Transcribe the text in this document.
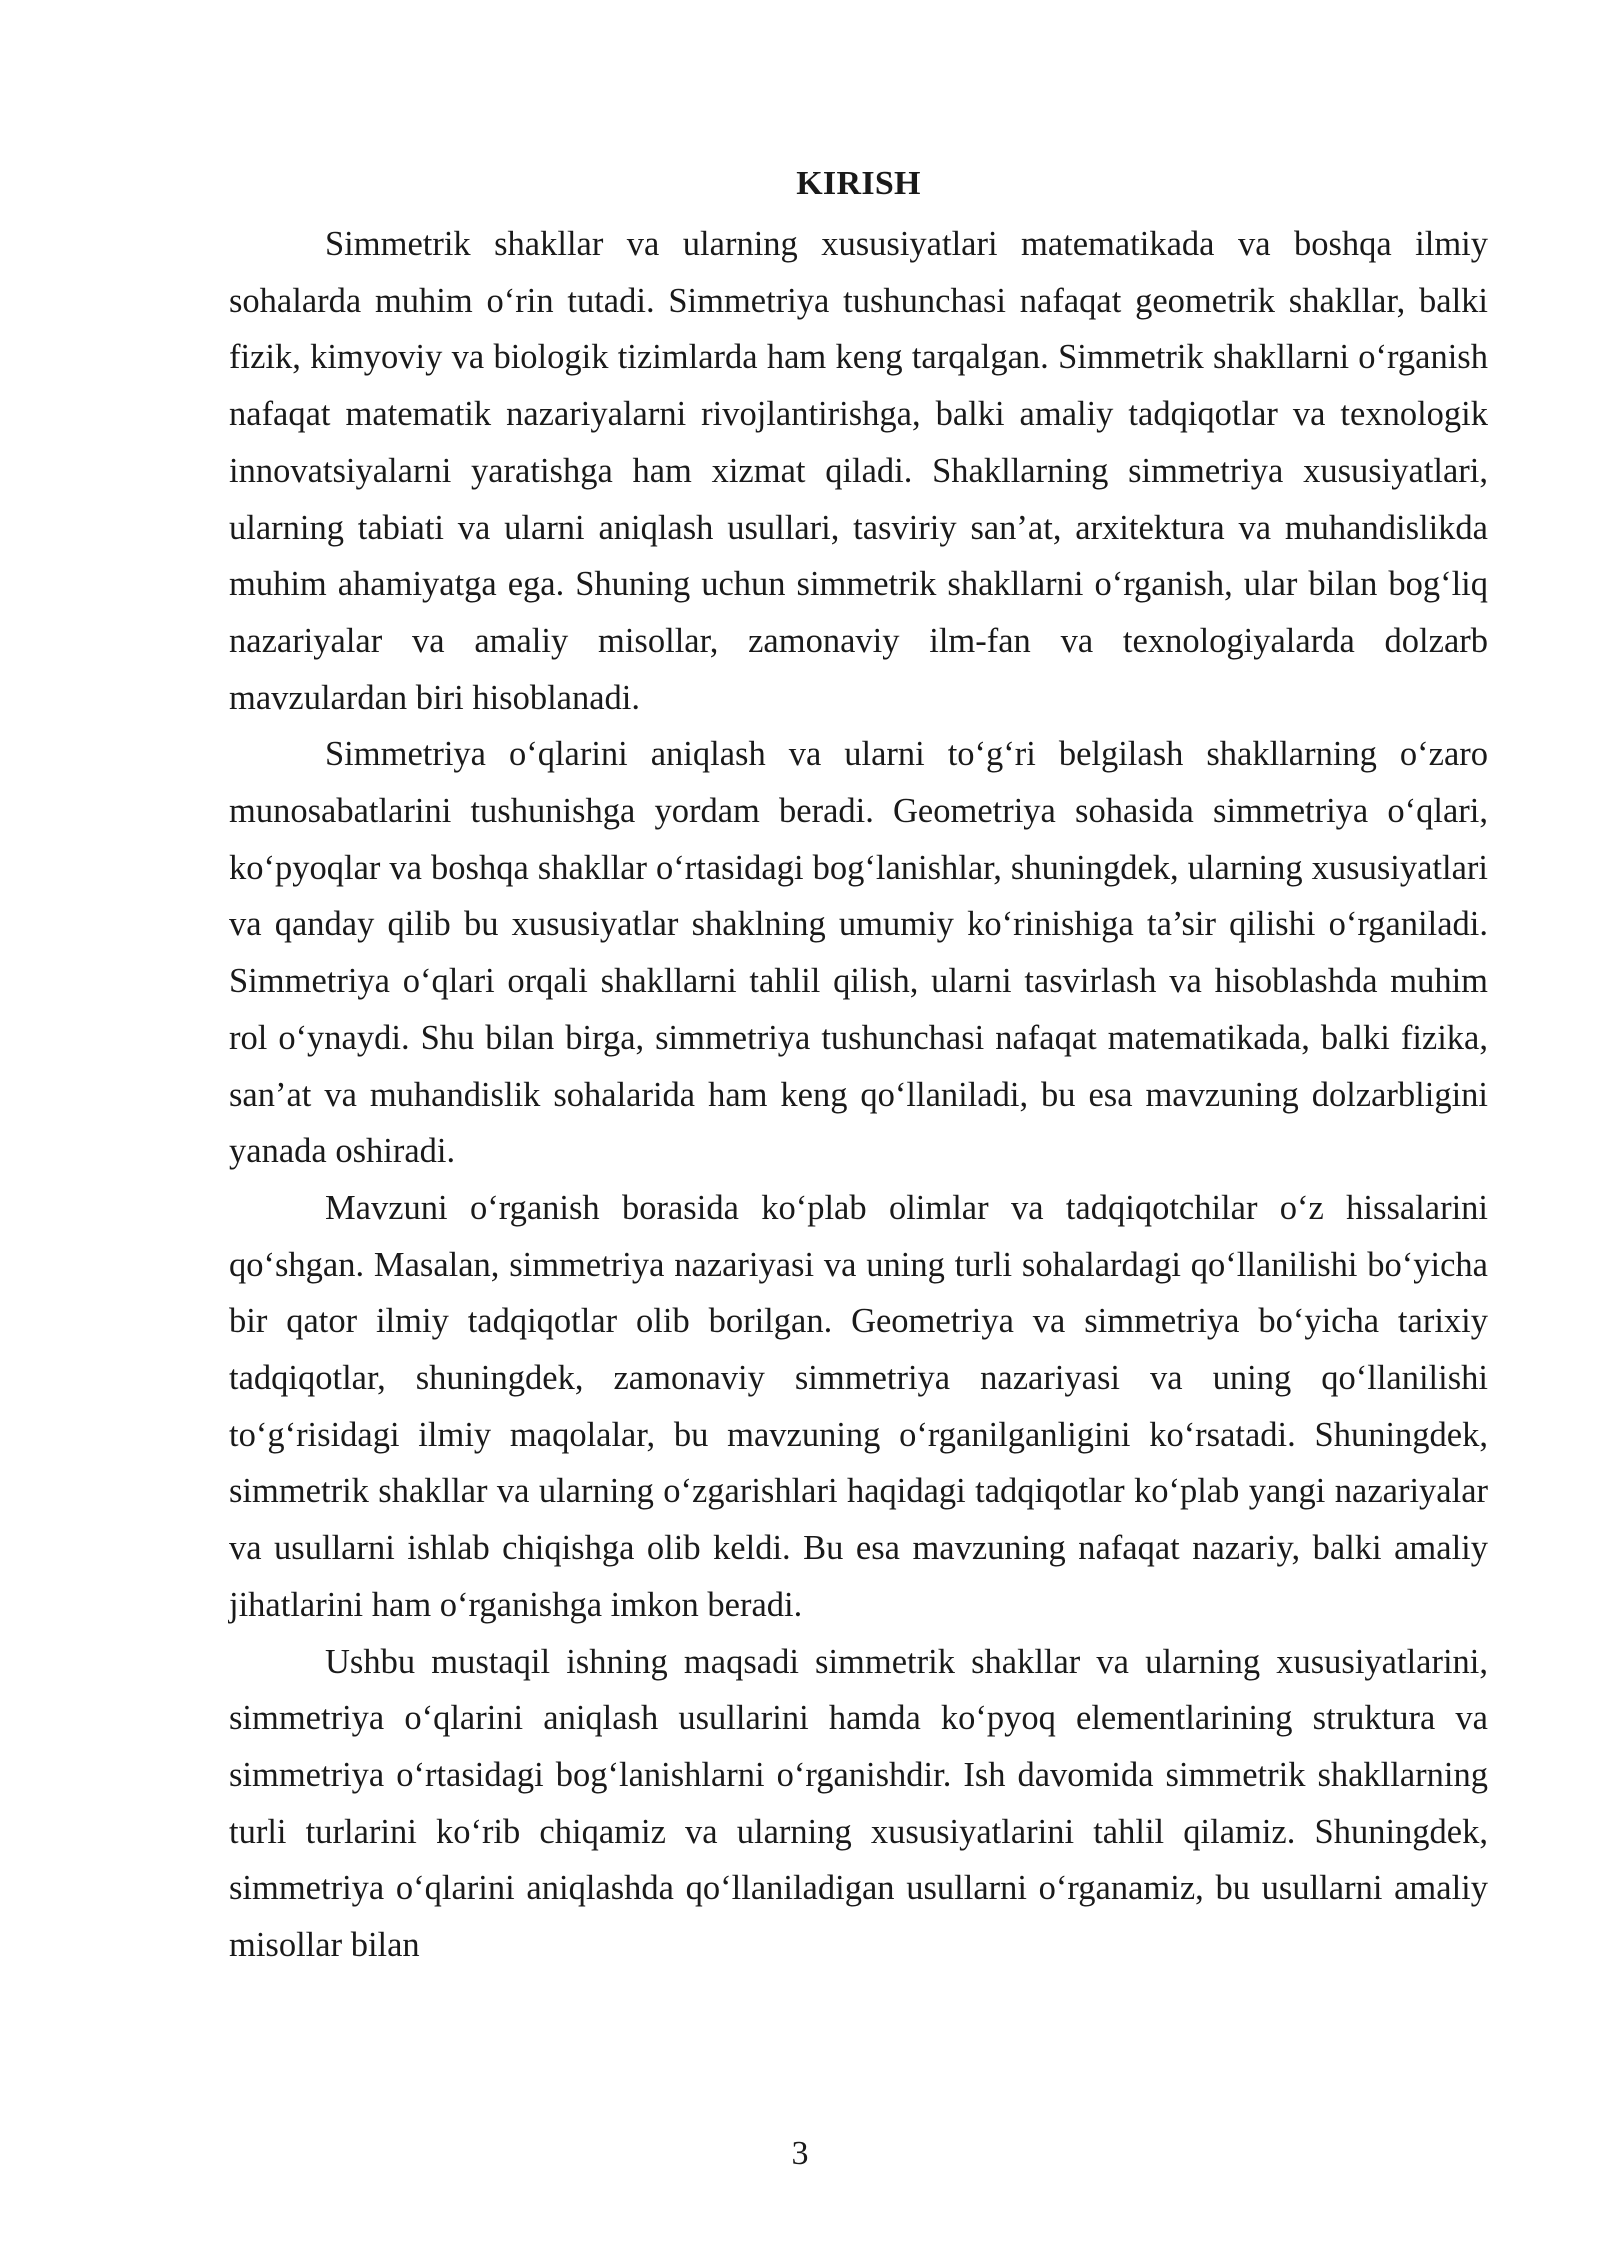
KIRISH

Simmetrik shakllar va ularning xususiyatlari matematikada va boshqa ilmiy sohalarda muhim o‘rin tutadi. Simmetriya tushunchasi nafaqat geometrik shakllar, balki fizik, kimyoviy va biologik tizimlarda ham keng tarqalgan. Simmetrik shakllarni o‘rganish nafaqat matematik nazariyalarni rivojlantirishga, balki amaliy tadqiqotlar va texnologik innovatsiyalarni yaratishga ham xizmat qiladi. Shakllarning simmetriya xususiyatlari, ularning tabiati va ularni aniqlash usullari, tasviriy san’at, arxitektura va muhandislikda muhim ahamiyatga ega. Shuning uchun simmetrik shakllarni o‘rganish, ular bilan bog‘liq nazariyalar va amaliy misollar, zamonaviy ilm-fan va texnologiyalarda dolzarb mavzulardan biri hisoblanadi.

Simmetriya o‘qlarini aniqlash va ularni to‘g‘ri belgilash shakllarning o‘zaro munosabatlarini tushunishga yordam beradi. Geometriya sohasida simmetriya o‘qlari, ko‘pyoqlar va boshqa shakllar o‘rtasidagi bog‘lanishlar, shuningdek, ularning xususiyatlari va qanday qilib bu xususiyatlar shaklning umumiy ko‘rinishiga ta’sir qilishi o‘rganiladi. Simmetriya o‘qlari orqali shakllarni tahlil qilish, ularni tasvirlash va hisoblashda muhim rol o‘ynaydi. Shu bilan birga, simmetriya tushunchasi nafaqat matematikada, balki fizika, san’at va muhandislik sohalarida ham keng qo‘llaniladi, bu esa mavzuning dolzarbligini yanada oshiradi.

Mavzuni o‘rganish borasida ko‘plab olimlar va tadqiqotchilar o‘z hissalarini qo‘shgan. Masalan, simmetriya nazariyasi va uning turli sohalardagi qo‘llanilishi bo‘yicha bir qator ilmiy tadqiqotlar olib borilgan. Geometriya va simmetriya bo‘yicha tarixiy tadqiqotlar, shuningdek, zamonaviy simmetriya nazariyasi va uning qo‘llanilishi to‘g‘risidagi ilmiy maqolalar, bu mavzuning o‘rganilganligini ko‘rsatadi. Shuningdek, simmetrik shakllar va ularning o‘zgarishlari haqidagi tadqiqotlar ko‘plab yangi nazariyalar va usullarni ishlab chiqishga olib keldi. Bu esa mavzuning nafaqat nazariy, balki amaliy jihatlarini ham o‘rganishga imkon beradi.

Ushbu mustaqil ishning maqsadi simmetrik shakllar va ularning xususiyatlarini, simmetriya o‘qlarini aniqlash usullarini hamda ko‘pyoq elementlarining struktura va simmetriya o‘rtasidagi bog‘lanishlarni o‘rganishdir. Ish davomida simmetrik shakllarning turli turlarini ko‘rib chiqamiz va ularning xususiyatlarini tahlil qilamiz. Shuningdek, simmetriya o‘qlarini aniqlashda qo‘llaniladigan usullarni o‘rganamiz, bu usullarni amaliy misollar bilan

3
